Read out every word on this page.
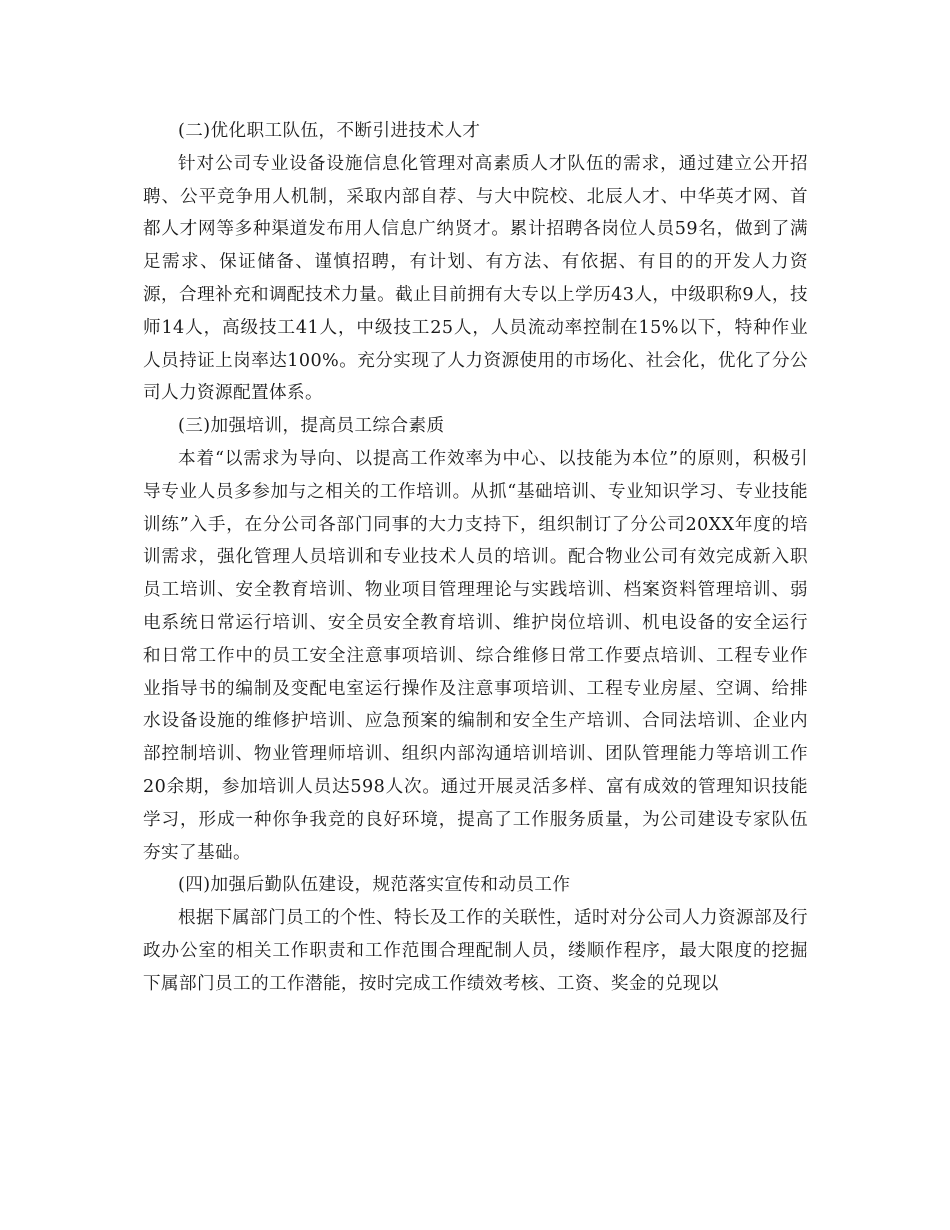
(二)优化职工队伍，不断引进技术人才

针对公司专业设备设施信息化管理对高素质人才队伍的需求，通过建立公开招聘、公平竞争用人机制，采取内部自荐、与大中院校、北辰人才、中华英才网、首都人才网等多种渠道发布用人信息广纳贤才。累计招聘各岗位人员59名，做到了满足需求、保证储备、谨慎招聘，有计划、有方法、有依据、有目的的开发人力资源，合理补充和调配技术力量。截止目前拥有大专以上学历43人，中级职称9人，技师14人，高级技工41人，中级技工25人，人员流动率控制在15%以下，特种作业人员持证上岗率达100%。充分实现了人力资源使用的市场化、社会化，优化了分公司人力资源配置体系。

(三)加强培训，提高员工综合素质

本着“以需求为导向、以提高工作效率为中心、以技能为本位”的原则，积极引导专业人员多参加与之相关的工作培训。从抓“基础培训、专业知识学习、专业技能训练”入手，在分公司各部门同事的大力支持下，组织制订了分公司20XX年度的培训需求，强化管理人员培训和专业技术人员的培训。配合物业公司有效完成新入职员工培训、安全教育培训、物业项目管理理论与实践培训、档案资料管理培训、弱电系统日常运行培训、安全员安全教育培训、维护岗位培训、机电设备的安全运行和日常工作中的员工安全注意事项培训、综合维修日常工作要点培训、工程专业作业指导书的编制及变配电室运行操作及注意事项培训、工程专业房屋、空调、给排水设备设施的维修护培训、应急预案的编制和安全生产培训、合同法培训、企业内部控制培训、物业管理师培训、组织内部沟通培训培训、团队管理能力等培训工作20余期，参加培训人员达598人次。通过开展灵活多样、富有成效的管理知识技能学习，形成一种你争我竞的良好环境，提高了工作服务质量，为公司建设专家队伍夯实了基础。

(四)加强后勤队伍建设，规范落实宣传和动员工作

根据下属部门员工的个性、特长及工作的关联性，适时对分公司人力资源部及行政办公室的相关工作职责和工作范围合理配制人员，缕顺作程序，最大限度的挖掘下属部门员工的工作潜能，按时完成工作绩效考核、工资、奖金的兑现以
